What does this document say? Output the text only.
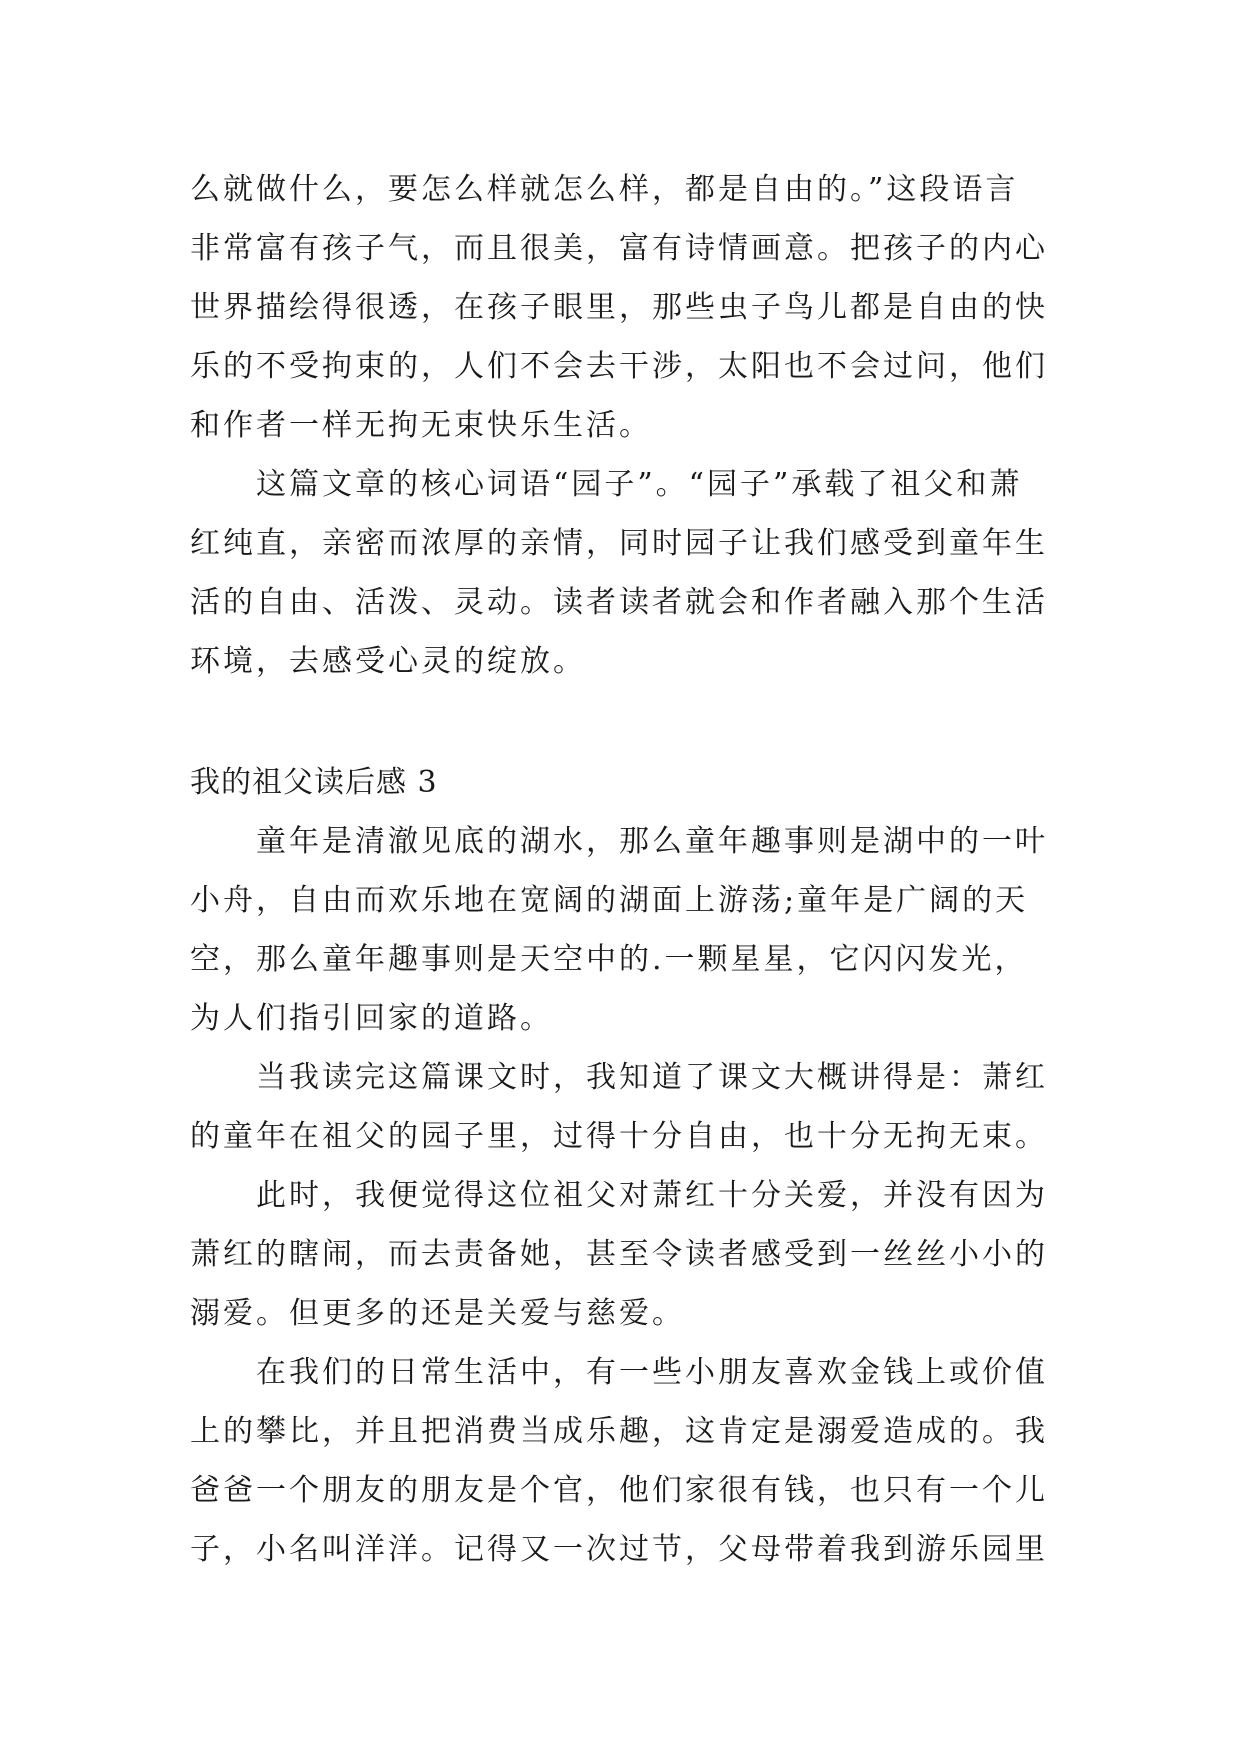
么就做什么，要怎么样就怎么样，都是自由的。”这段语言
非常富有孩子气，而且很美，富有诗情画意。把孩子的内心
世界描绘得很透，在孩子眼里，那些虫子鸟儿都是自由的快
乐的不受拘束的，人们不会去干涉，太阳也不会过问，他们
和作者一样无拘无束快乐生活。
这篇文章的核心词语“园子”。“园子”承载了祖父和萧
红纯直，亲密而浓厚的亲情，同时园子让我们感受到童年生
活的自由、活泼、灵动。读者读者就会和作者融入那个生活
环境，去感受心灵的绽放。
我的祖父读后感 3
童年是清澈见底的湖水，那么童年趣事则是湖中的一叶
小舟，自由而欢乐地在宽阔的湖面上游荡;童年是广阔的天
空，那么童年趣事则是天空中的.一颗星星，它闪闪发光，
为人们指引回家的道路。
当我读完这篇课文时，我知道了课文大概讲得是：萧红
的童年在祖父的园子里，过得十分自由，也十分无拘无束。
此时，我便觉得这位祖父对萧红十分关爱，并没有因为
萧红的瞎闹，而去责备她，甚至令读者感受到一丝丝小小的
溺爱。但更多的还是关爱与慈爱。
在我们的日常生活中，有一些小朋友喜欢金钱上或价值
上的攀比，并且把消费当成乐趣，这肯定是溺爱造成的。我
爸爸一个朋友的朋友是个官，他们家很有钱，也只有一个儿
子，小名叫洋洋。记得又一次过节，父母带着我到游乐园里
